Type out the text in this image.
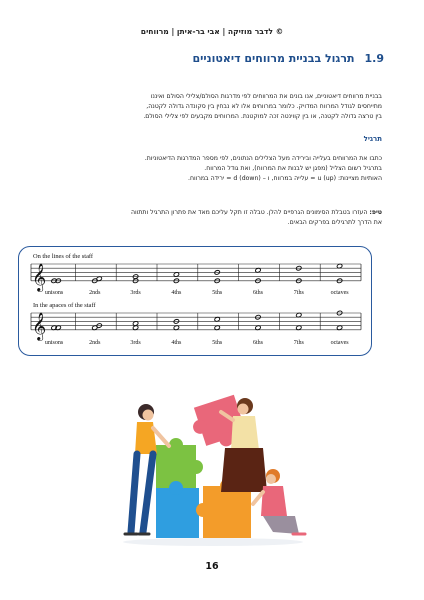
© לדבר מוזיקה | אבי בר-איתן | מרווחים
1.9תרגול בבניית מרווחים דיאטוניים
בבניית מרווחים דיאטוניים, אנו בונים את המרווחים לפי מדרגות הסולם/צלילי הסולם ואיננו
מתייחסים לגודל המרווח המדויק. כלומר במרווחים אלו לא נבחין בין סקונדה גדולה לקטנה,
בין טרצה גדולה לקטנה, או בין קווינטה זכה למוקטנת. המרווחים מקבעים לפי צלילי הסולם.
תרגיל
כתבו את המרווחים בעלייה ובירידה מעל הצלילים הנתונים, לפי מספר המדרגות הדיאטוניות.
בתרגיל רשום הצליל (מפגן יש לבנות את המרווח), ואת גודל המרווח.
האותיות מציינות: u (up) = עלייה במרווח, ו – d (down) = ירידה במרווח.
טיפ: העזרו בטבלת הסימונים הגרפיים להלן. טבלה זו תקל עליכם מאד את פתרון התרגיל ותתווה
את הדרך לתרגילים בפרקים הבאים.
On the lines of the staff
𝄞
unisons	2nds	3rds	4ths	5ths	6ths	7ths	octaves
In the apaces of the staff
𝄞
unisons	2nds	3rds	4ths	5ths	6ths	7ths	octaves
16
